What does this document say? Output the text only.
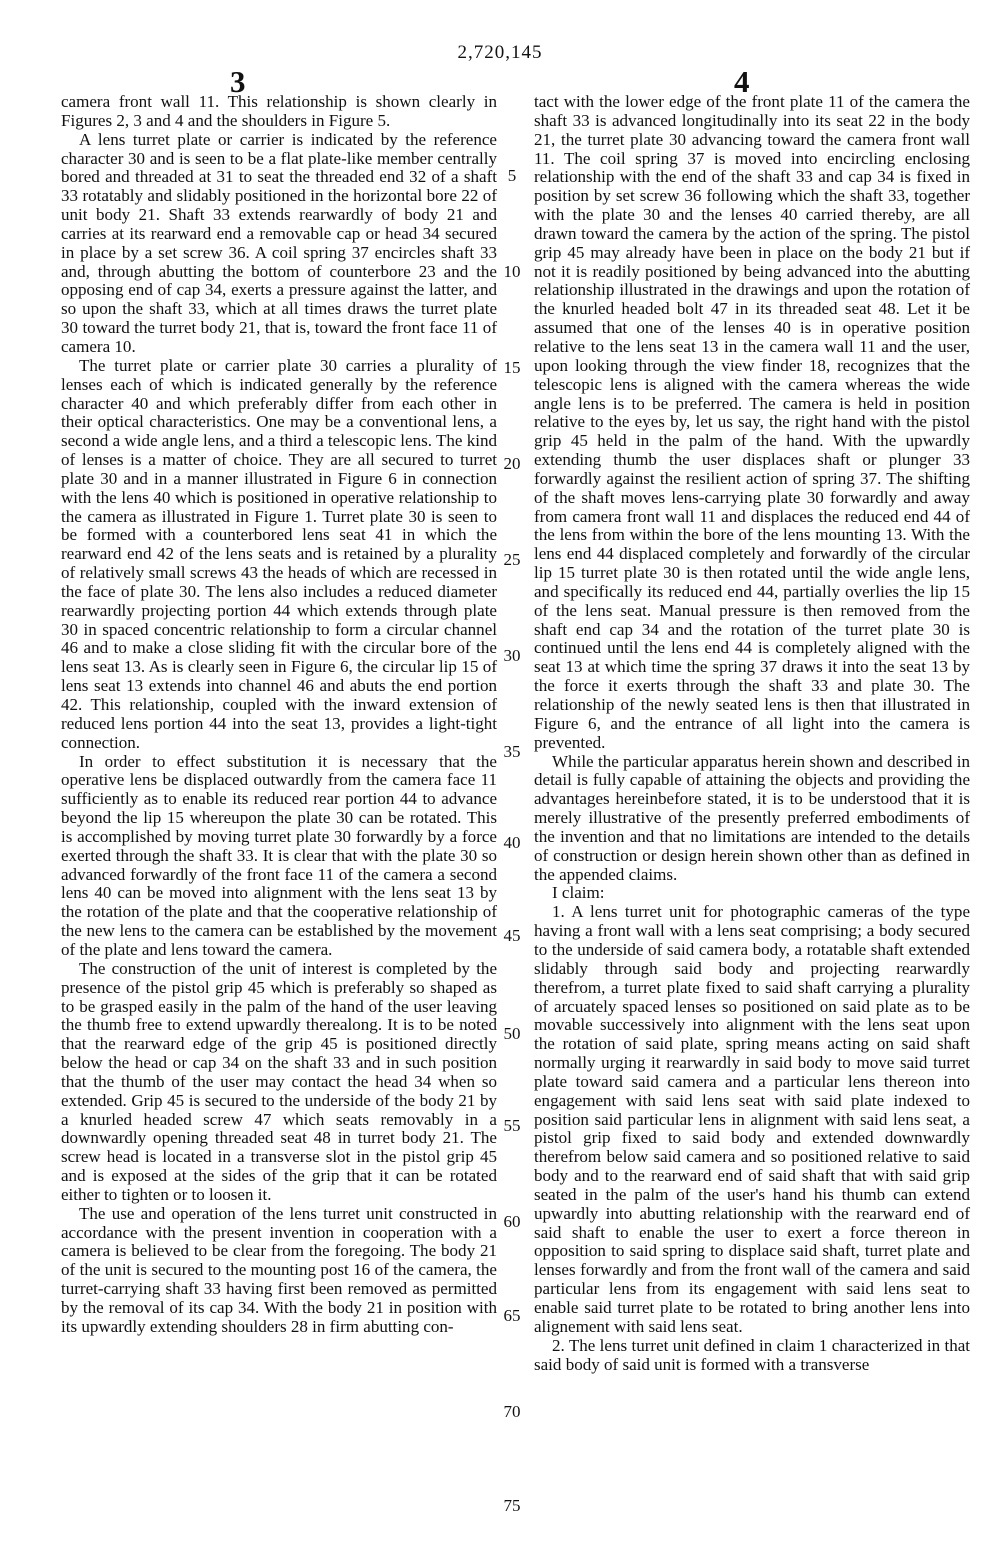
2,720,145
3	4

camera front wall 11. This relationship is shown clearly in Figures 2, 3 and 4 and the shoulders in Figure 5.

A lens turret plate or carrier is indicated by the reference character 30 and is seen to be a flat plate-like member centrally bored and threaded at 31 to seat the threaded end 32 of a shaft 33 rotatably and slidably positioned in the horizontal bore 22 of unit body 21. Shaft 33 extends rearwardly of body 21 and carries at its rearward end a removable cap or head 34 secured in place by a set screw 36. A coil spring 37 encircles shaft 33 and, through abutting the bottom of counterbore 23 and the opposing end of cap 34, exerts a pressure against the latter, and so upon the shaft 33, which at all times draws the turret plate 30 toward the turret body 21, that is, toward the front face 11 of camera 10.

The turret plate or carrier plate 30 carries a plurality of lenses each of which is indicated generally by the reference character 40 and which preferably differ from each other in their optical characteristics. One may be a conventional lens, a second a wide angle lens, and a third a telescopic lens. The kind of lenses is a matter of choice. They are all secured to turret plate 30 and in a manner illustrated in Figure 6 in connection with the lens 40 which is positioned in operative relationship to the camera as illustrated in Figure 1. Turret plate 30 is seen to be formed with a counterbored lens seat 41 in which the rearward end 42 of the lens seats and is retained by a plurality of relatively small screws 43 the heads of which are recessed in the face of plate 30. The lens also includes a reduced diameter rearwardly projecting portion 44 which extends through plate 30 in spaced concentric relationship to form a circular channel 46 and to make a close sliding fit with the circular bore of the lens seat 13. As is clearly seen in Figure 6, the circular lip 15 of lens seat 13 extends into channel 46 and abuts the end portion 42. This relationship, coupled with the inward extension of reduced lens portion 44 into the seat 13, provides a light-tight connection.

In order to effect substitution it is necessary that the operative lens be displaced outwardly from the camera face 11 sufficiently as to enable its reduced rear portion 44 to advance beyond the lip 15 whereupon the plate 30 can be rotated. This is accomplished by moving turret plate 30 forwardly by a force exerted through the shaft 33. It is clear that with the plate 30 so advanced forwardly of the front face 11 of the camera a second lens 40 can be moved into alignment with the lens seat 13 by the rotation of the plate and that the cooperative relationship of the new lens to the camera can be established by the movement of the plate and lens toward the camera.

The construction of the unit of interest is completed by the presence of the pistol grip 45 which is preferably so shaped as to be grasped easily in the palm of the hand of the user leaving the thumb free to extend upwardly therealong. It is to be noted that the rearward edge of the grip 45 is positioned directly below the head or cap 34 on the shaft 33 and in such position that the thumb of the user may contact the head 34 when so extended. Grip 45 is secured to the underside of the body 21 by a knurled headed screw 47 which seats removably in a downwardly opening threaded seat 48 in turret body 21. The screw head is located in a transverse slot in the pistol grip 45 and is exposed at the sides of the grip that it can be rotated either to tighten or to loosen it.

The use and operation of the lens turret unit constructed in accordance with the present invention in cooperation with a camera is believed to be clear from the foregoing. The body 21 of the unit is secured to the mounting post 16 of the camera, the turret-carrying shaft 33 having first been removed as permitted by the removal of its cap 34. With the body 21 in position with its upwardly extending shoulders 28 in firm abutting con-

5
10
15
20
25
30
35
40
45
50
55
60
65
70
75

tact with the lower edge of the front plate 11 of the camera the shaft 33 is advanced longitudinally into its seat 22 in the body 21, the turret plate 30 advancing toward the camera front wall 11. The coil spring 37 is moved into encircling enclosing relationship with the end of the shaft 33 and cap 34 is fixed in position by set screw 36 following which the shaft 33, together with the plate 30 and the lenses 40 carried thereby, are all drawn toward the camera by the action of the spring. The pistol grip 45 may already have been in place on the body 21 but if not it is readily positioned by being advanced into the abutting relationship illustrated in the drawings and upon the rotation of the knurled headed bolt 47 in its threaded seat 48. Let it be assumed that one of the lenses 40 is in operative position relative to the lens seat 13 in the camera wall 11 and the user, upon looking through the view finder 18, recognizes that the telescopic lens is aligned with the camera whereas the wide angle lens is to be preferred. The camera is held in position relative to the eyes by, let us say, the right hand with the pistol grip 45 held in the palm of the hand. With the upwardly extending thumb the user displaces shaft or plunger 33 forwardly against the resilient action of spring 37. The shifting of the shaft moves lens-carrying plate 30 forwardly and away from camera front wall 11 and displaces the reduced end 44 of the lens from within the bore of the lens mounting 13. With the lens end 44 displaced completely and forwardly of the circular lip 15 turret plate 30 is then rotated until the wide angle lens, and specifically its reduced end 44, partially overlies the lip 15 of the lens seat. Manual pressure is then removed from the shaft end cap 34 and the rotation of the turret plate 30 is continued until the lens end 44 is completely aligned with the seat 13 at which time the spring 37 draws it into the seat 13 by the force it exerts through the shaft 33 and plate 30. The relationship of the newly seated lens is then that illustrated in Figure 6, and the entrance of all light into the camera is prevented.

While the particular apparatus herein shown and described in detail is fully capable of attaining the objects and providing the advantages hereinbefore stated, it is to be understood that it is merely illustrative of the presently preferred embodiments of the invention and that no limitations are intended to the details of construction or design herein shown other than as defined in the appended claims.

I claim:

1. A lens turret unit for photographic cameras of the type having a front wall with a lens seat comprising; a body secured to the underside of said camera body, a rotatable shaft extended slidably through said body and projecting rearwardly therefrom, a turret plate fixed to said shaft carrying a plurality of arcuately spaced lenses so positioned on said plate as to be movable successively into alignment with the lens seat upon the rotation of said plate, spring means acting on said shaft normally urging it rearwardly in said body to move said turret plate toward said camera and a particular lens thereon into engagement with said lens seat with said plate indexed to position said particular lens in alignment with said lens seat, a pistol grip fixed to said body and extended downwardly therefrom below said camera and so positioned relative to said body and to the rearward end of said shaft that with said grip seated in the palm of the user's hand his thumb can extend upwardly into abutting relationship with the rearward end of said shaft to enable the user to exert a force thereon in opposition to said spring to displace said shaft, turret plate and lenses forwardly and from the front wall of the camera and said particular lens from its engagement with said lens seat to enable said turret plate to be rotated to bring another lens into alignement with said lens seat.

2. The lens turret unit defined in claim 1 characterized in that said body of said unit is formed with a transverse
